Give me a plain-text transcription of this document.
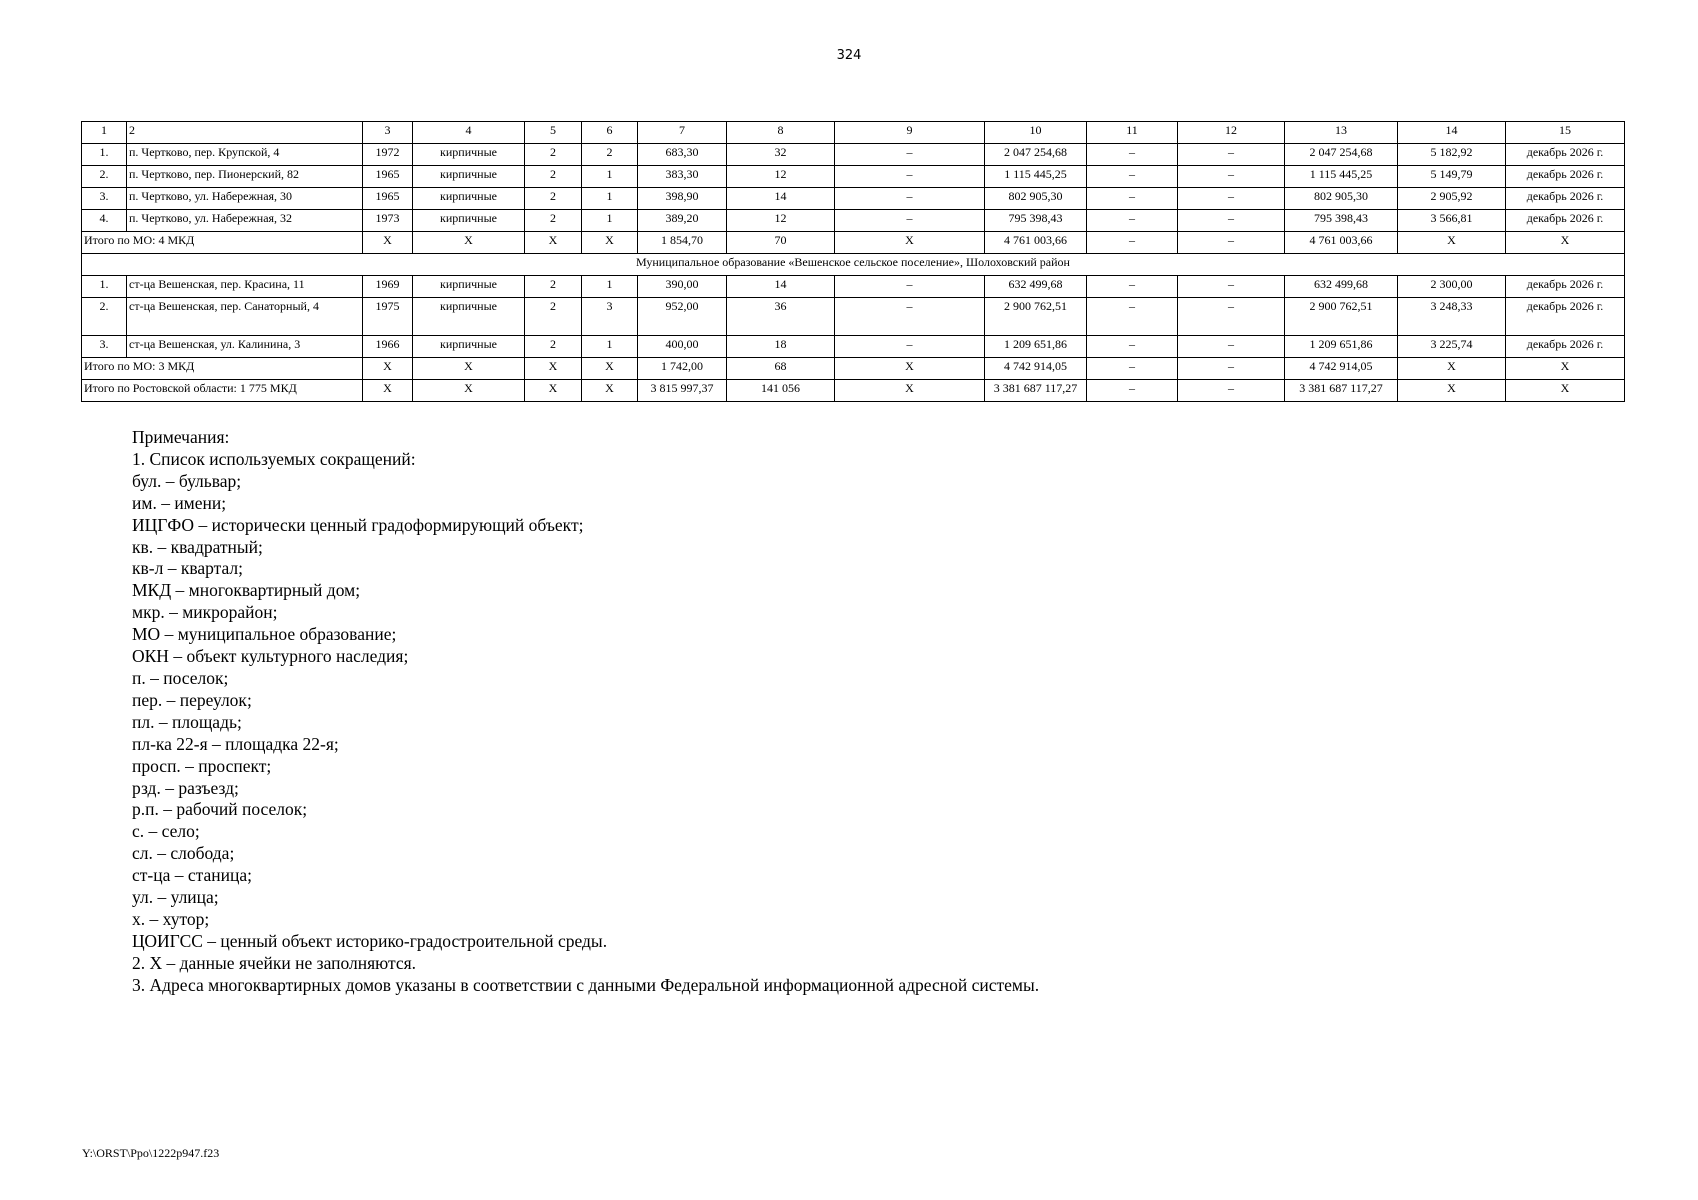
324
1	2	3	4	5	6	7	8	9	10	11	12	13	14	15
1.	п. Чертково, пер. Крупской, 4	1972	кирпичные	2	2	683,30	32	–	2 047 254,68	–	–	2 047 254,68	5 182,92	декабрь 2026 г.
2.	п. Чертково, пер. Пионерский, 82	1965	кирпичные	2	1	383,30	12	–	1 115 445,25	–	–	1 115 445,25	5 149,79	декабрь 2026 г.
3.	п. Чертково, ул. Набережная, 30	1965	кирпичные	2	1	398,90	14	–	802 905,30	–	–	802 905,30	2 905,92	декабрь 2026 г.
4.	п. Чертково, ул. Набережная, 32	1973	кирпичные	2	1	389,20	12	–	795 398,43	–	–	795 398,43	3 566,81	декабрь 2026 г.
Итого по МО: 4 МКД		X	X	X	X	1 854,70	70	X	4 761 003,66	–	–	4 761 003,66	X	X
Муниципальное образование «Вешенское сельское поселение», Шолоховский район														
1.	ст-ца Вешенская, пер. Красина, 11	1969	кирпичные	2	1	390,00	14	–	632 499,68	–	–	632 499,68	2 300,00	декабрь 2026 г.
2.	ст-ца Вешенская, пер. Санаторный, 4	1975	кирпичные	2	3	952,00	36	–	2 900 762,51	–	–	2 900 762,51	3 248,33	декабрь 2026 г.
3.	ст-ца Вешенская, ул. Калинина, 3	1966	кирпичные	2	1	400,00	18	–	1 209 651,86	–	–	1 209 651,86	3 225,74	декабрь 2026 г.
Итого по МО: 3 МКД		X	X	X	X	1 742,00	68	X	4 742 914,05	–	–	4 742 914,05	X	X
Итого по Ростовской области: 1 775 МКД		X	X	X	X	3 815 997,37	141 056	X	3 381 687 117,27	–	–	3 381 687 117,27	X	X
Примечания:
1. Список используемых сокращений:
бул. – бульвар;
им. – имени;
ИЦГФО – исторически ценный градоформирующий объект;
кв. – квадратный;
кв-л – квартал;
МКД – многоквартирный дом;
мкр. – микрорайон;
МО – муниципальное образование;
ОКН – объект культурного наследия;
п. – поселок;
пер. – переулок;
пл. – площадь;
пл-ка 22-я – площадка 22-я;
просп. – проспект;
рзд. – разъезд;
р.п. – рабочий поселок;
с. – село;
сл. – слобода;
ст-ца – станица;
ул. – улица;
х. – хутор;
ЦОИГСС – ценный объект историко-градостроительной среды.
2. X – данные ячейки не заполняются.
3. Адреса многоквартирных домов указаны в соответствии с данными Федеральной информационной адресной системы.
Y:\ORST\Ppo\1222p947.f23
